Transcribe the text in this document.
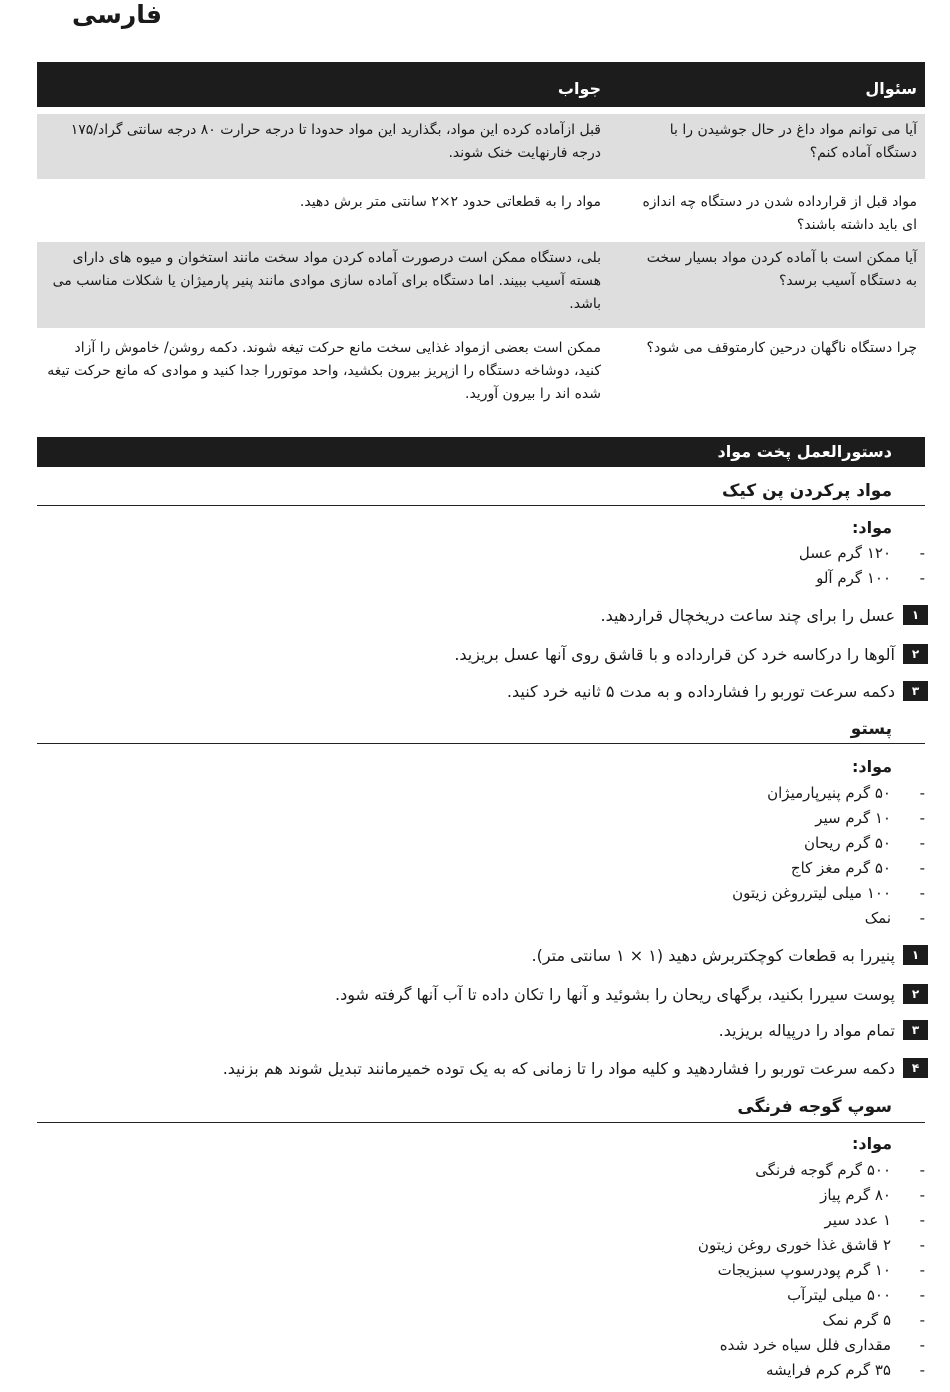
فارسی
سئوال
جواب
آیا می توانم مواد داغ در حال جوشیدن را با دستگاه آماده کنم؟
قبل ازآماده کرده این مواد، بگذارید این مواد حدودا تا درجه حرارت ۸۰ درجه سانتی گراد/۱۷۵ درجه فارنهایت خنک شوند.
مواد قبل از قرارداده شدن در دستگاه چه اندازه ای باید داشته باشند؟
مواد را به قطعاتی حدود ۲×۲ سانتی متر برش دهید.
آیا ممکن است با آماده کردن مواد بسیار سخت به دستگاه آسیب برسد؟
بلی، دستگاه ممکن است درصورت آماده کردن مواد سخت مانند استخوان و میوه های دارای هسته آسیب ببیند. اما دستگاه برای آماده سازی موادی مانند پنیر پارمیژان یا شکلات مناسب می باشد.
چرا دستگاه ناگهان درحین کارمتوقف می شود؟
ممکن است بعضی ازمواد غذایی سخت مانع حرکت تیغه شوند. دکمه روشن/ خاموش را آزاد کنید، دوشاخه دستگاه را ازپریز بیرون بکشید، واحد موتوررا جدا کنید و موادی که مانع حرکت تیغه شده اند را بیرون آورید.
دستورالعمل پخت مواد
مواد پرکردن پن کیک
مواد:
-
۱۲۰ گرم عسل
-
۱۰۰ گرم آلو
۱
عسل را برای چند ساعت دریخچال قراردهید.
۲
آلوها را درکاسه خرد کن قرارداده و با قاشق روی آنها عسل بریزید.
۳
دکمه سرعت توربو را فشارداده و به مدت ۵ ثانیه خرد کنید.
پستو
مواد:
-
۵۰ گرم پنیرپارمیژان
-
۱۰ گرم سیر
-
۵۰ گرم ریحان
-
۵۰ گرم مغز کاج
-
۱۰۰ میلی لیترروغن زیتون
-
نمک
۱
پنیررا به قطعات کوچکتربرش دهید (۱ × ۱ سانتی متر).
۲
پوست سیررا بکنید، برگهای ریحان را بشوئید و آنها را تکان داده تا آب آنها گرفته شود.
۳
تمام مواد را درپیاله بریزید.
۴
دکمه سرعت توربو را فشاردهید و کلیه مواد را تا زمانی که به یک توده خمیرمانند تبدیل شوند هم بزنید.
سوپ گوجه فرنگی
مواد:
-
۵۰۰ گرم گوجه فرنگی
-
۸۰ گرم پیاز
-
۱ عدد سیر
-
۲ قاشق غذا خوری روغن زیتون
-
۱۰ گرم پودرسوپ سبزیجات
-
۵۰۰ میلی لیترآب
-
۵ گرم نمک
-
مقداری فلل سیاه خرد شده
-
۳۵ گرم کرم فرایشه
